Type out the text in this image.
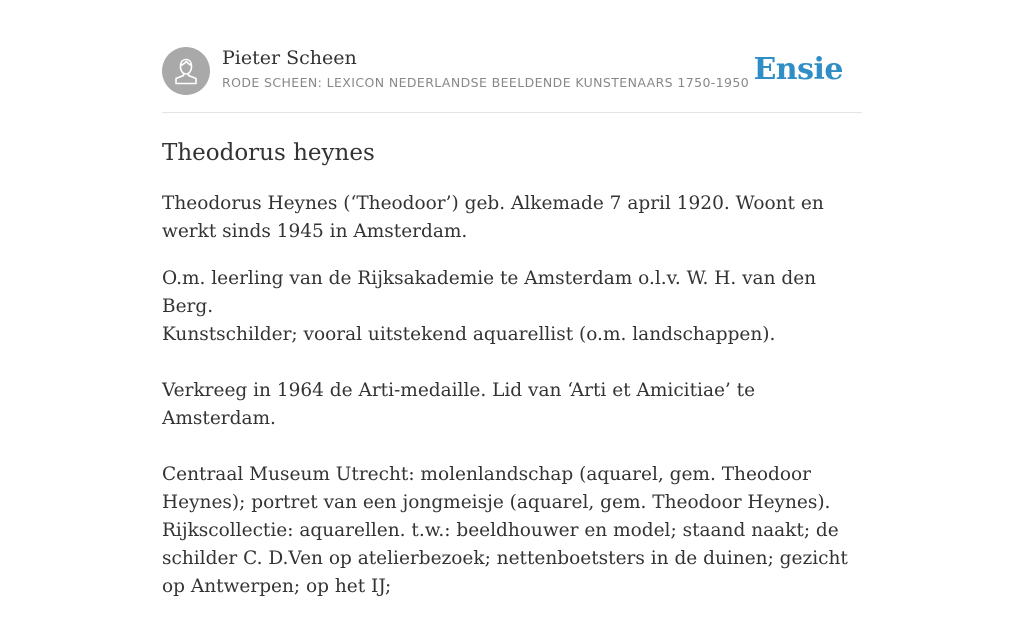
Pieter Scheen
RODE SCHEEN: LEXICON NEDERLANDSE BEELDENDE KUNSTENAARS 1750-1950 Ensie
Theodorus heynes

Theodorus Heynes (‘Theodoor’) geb. Alkemade 7 april 1920. Woont en werkt sinds 1945 in Amsterdam.

O.m. leerling van de Rijksakademie te Amsterdam o.l.v. W. H. van den Berg.
Kunstschilder; vooral uitstekend aquarellist (o.m. landschappen).

Verkreeg in 1964 de Arti-medaille. Lid van ‘Arti et Amicitiae’ te Amsterdam.

Centraal Museum Utrecht: molenlandschap (aquarel, gem. Theodoor Heynes); portret van een jongmeisje (aquarel, gem. Theodoor Heynes). Rijkscollectie: aquarellen. t.w.: beeldhouwer en model; staand naakt; de schilder C. D.Ven op atelierbezoek; nettenboetsters in de duinen; gezicht op Antwerpen; op het IJ;
